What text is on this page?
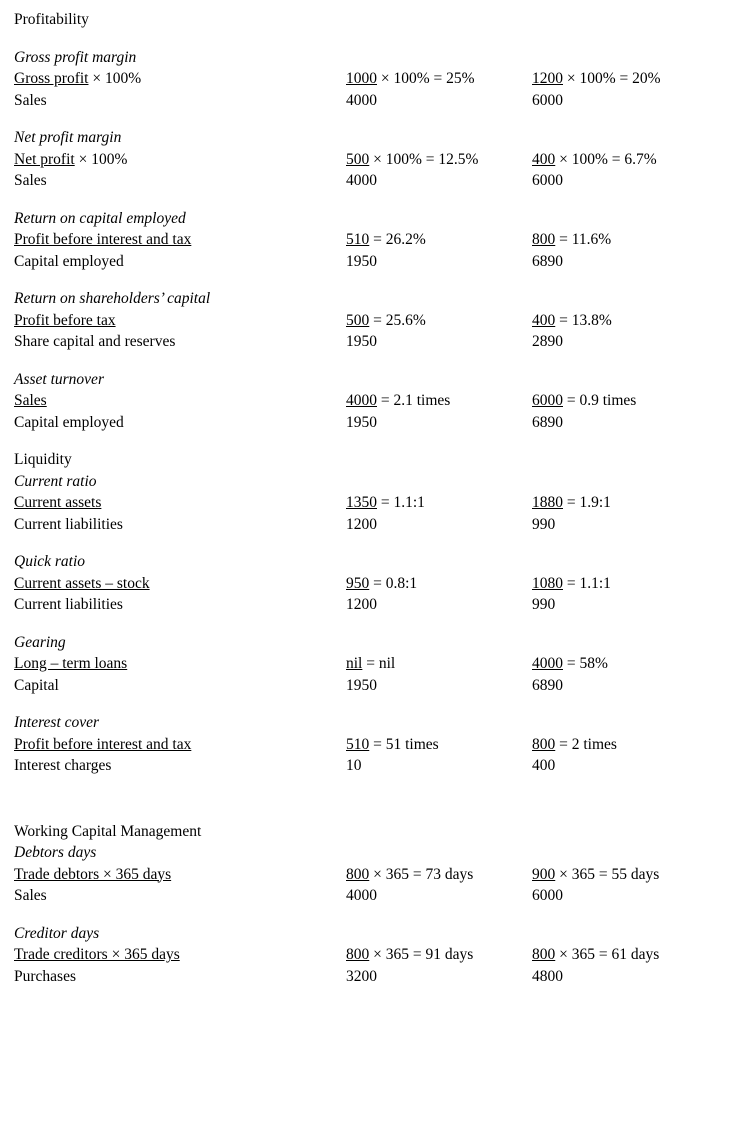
Profitability
Gross profit margin
Gross profit × 100%	1000 × 100% = 25%	1200 × 100% = 20%
Sales	4000	6000
Net profit margin
Net profit × 100%	500 × 100% = 12.5%	400 × 100% = 6.7%
Sales	4000	6000
Return on capital employed
Profit before interest and tax	510 = 26.2%	800 = 11.6%
Capital employed	1950	6890
Return on shareholders’ capital
Profit before tax	500 = 25.6%	400 = 13.8%
Share capital and reserves	1950	2890
Asset turnover
Sales	4000 = 2.1 times	6000 = 0.9 times
Capital employed	1950	6890
Liquidity
Current ratio
Current assets	1350 = 1.1:1	1880 = 1.9:1
Current liabilities	1200	990
Quick ratio
Current assets – stock	950 = 0.8:1	1080 = 1.1:1
Current liabilities	1200	990
Gearing
Long – term loans	nil = nil	4000 = 58%
Capital	1950	6890
Interest cover
Profit before interest and tax	510 = 51 times	800 = 2 times
Interest charges	10	400
Working Capital Management
Debtors days
Trade debtors × 365 days	800 × 365 = 73 days	900 × 365 = 55 days
Sales	4000	6000
Creditor days
Trade creditors × 365 days	800 × 365 = 91 days	800 × 365 = 61 days
Purchases	3200	4800
